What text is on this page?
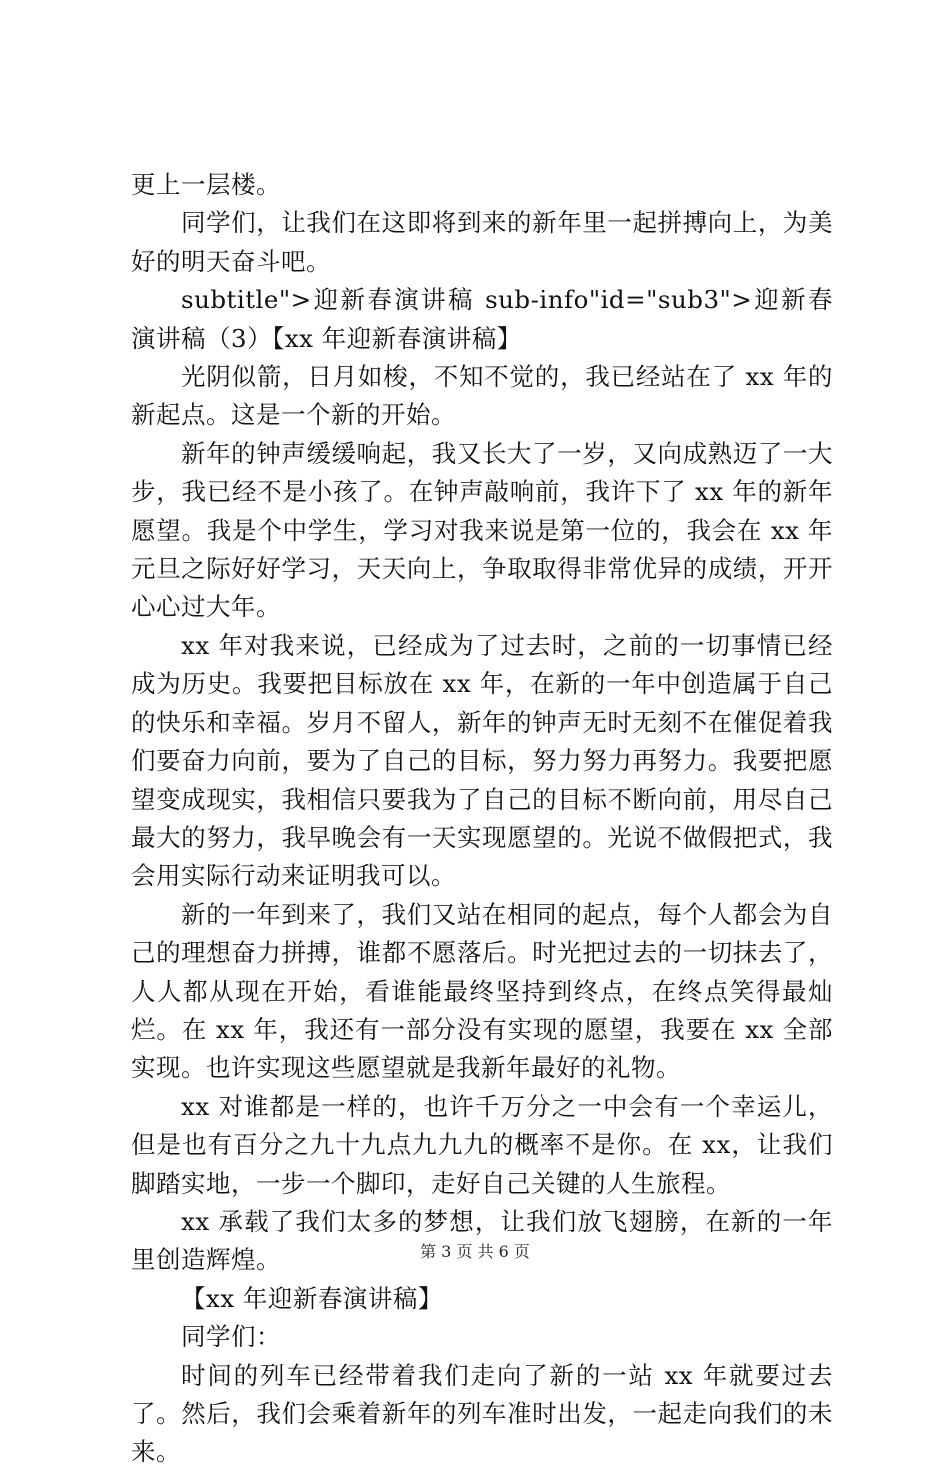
更上一层楼。

同学们，让我们在这即将到来的新年里一起拼搏向上，为美好的明天奋斗吧。

subtitle">迎新春演讲稿 sub-info"id="sub3">迎新春演讲稿（3）【xx 年迎新春演讲稿】

光阴似箭，日月如梭，不知不觉的，我已经站在了 xx 年的新起点。这是一个新的开始。

新年的钟声缓缓响起，我又长大了一岁，又向成熟迈了一大步，我已经不是小孩了。在钟声敲响前，我许下了 xx 年的新年愿望。我是个中学生，学习对我来说是第一位的，我会在 xx 年元旦之际好好学习，天天向上，争取取得非常优异的成绩，开开心心过大年。

xx 年对我来说，已经成为了过去时，之前的一切事情已经成为历史。我要把目标放在 xx 年，在新的一年中创造属于自己的快乐和幸福。岁月不留人，新年的钟声无时无刻不在催促着我们要奋力向前，要为了自己的目标，努力努力再努力。我要把愿望变成现实，我相信只要我为了自己的目标不断向前，用尽自己最大的努力，我早晚会有一天实现愿望的。光说不做假把式，我会用实际行动来证明我可以。

新的一年到来了，我们又站在相同的起点，每个人都会为自己的理想奋力拼搏，谁都不愿落后。时光把过去的一切抹去了，人人都从现在开始，看谁能最终坚持到终点，在终点笑得最灿烂。在 xx 年，我还有一部分没有实现的愿望，我要在 xx 全部实现。也许实现这些愿望就是我新年最好的礼物。

xx 对谁都是一样的，也许千万分之一中会有一个幸运儿，但是也有百分之九十九点九九九的概率不是你。在 xx，让我们脚踏实地，一步一个脚印，走好自己关键的人生旅程。

xx 承载了我们太多的梦想，让我们放飞翅膀，在新的一年里创造辉煌。

【xx 年迎新春演讲稿】

同学们：

时间的列车已经带着我们走向了新的一站 xx 年就要过去了。然后，我们会乘着新年的列车准时出发，一起走向我们的未来。

第 3 页 共 6 页
